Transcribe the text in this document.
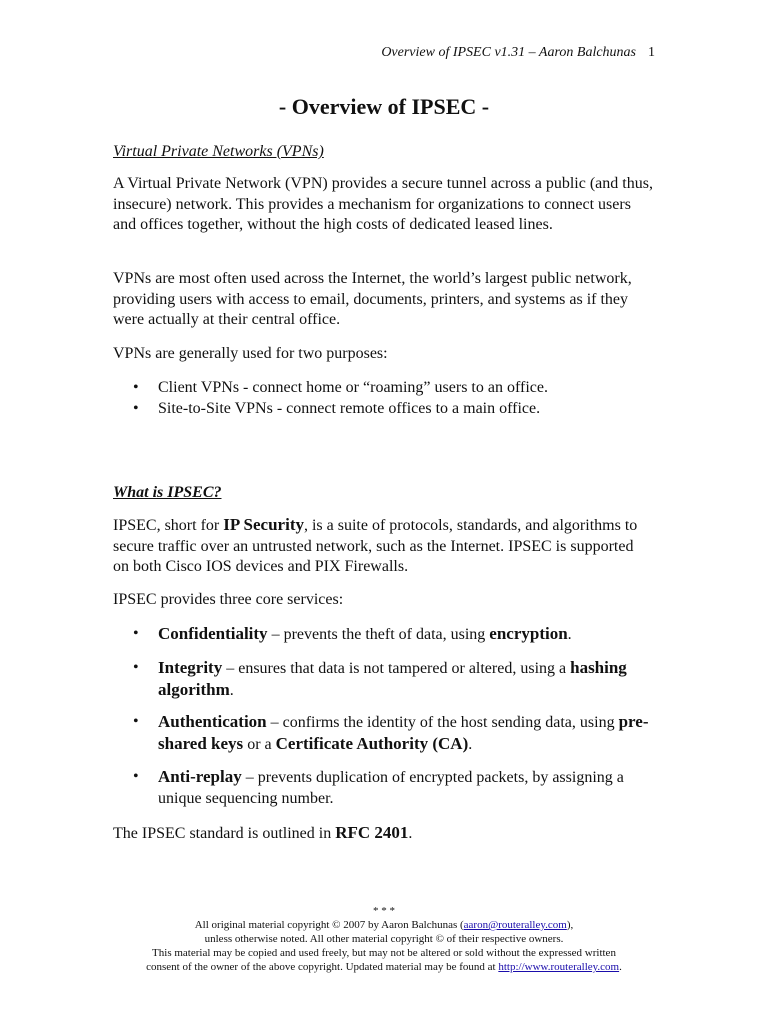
Overview of IPSEC v1.31 – Aaron Balchunas 1
- Overview of IPSEC -

Virtual Private Networks (VPNs)

A Virtual Private Network (VPN) provides a secure tunnel across a public (and thus, insecure) network. This provides a mechanism for organizations to connect users and offices together, without the high costs of dedicated leased lines.

VPNs are most often used across the Internet, the world’s largest public network, providing users with access to email, documents, printers, and systems as if they were actually at their central office.

VPNs are generally used for two purposes:

• Client VPNs - connect home or “roaming” users to an office.
• Site-to-Site VPNs - connect remote offices to a main office.

What is IPSEC?

IPSEC, short for IP Security, is a suite of protocols, standards, and algorithms to secure traffic over an untrusted network, such as the Internet. IPSEC is supported on both Cisco IOS devices and PIX Firewalls.

IPSEC provides three core services:

• Confidentiality – prevents the theft of data, using encryption.
• Integrity – ensures that data is not tampered or altered, using a hashing algorithm.
• Authentication – confirms the identity of the host sending data, using pre-shared keys or a Certificate Authority (CA).
• Anti-replay – prevents duplication of encrypted packets, by assigning a unique sequencing number.

The IPSEC standard is outlined in RFC 2401.

* * *
All original material copyright © 2007 by Aaron Balchunas (aaron@routeralley.com),
unless otherwise noted. All other material copyright © of their respective owners.
This material may be copied and used freely, but may not be altered or sold without the expressed written
consent of the owner of the above copyright. Updated material may be found at http://www.routeralley.com.
